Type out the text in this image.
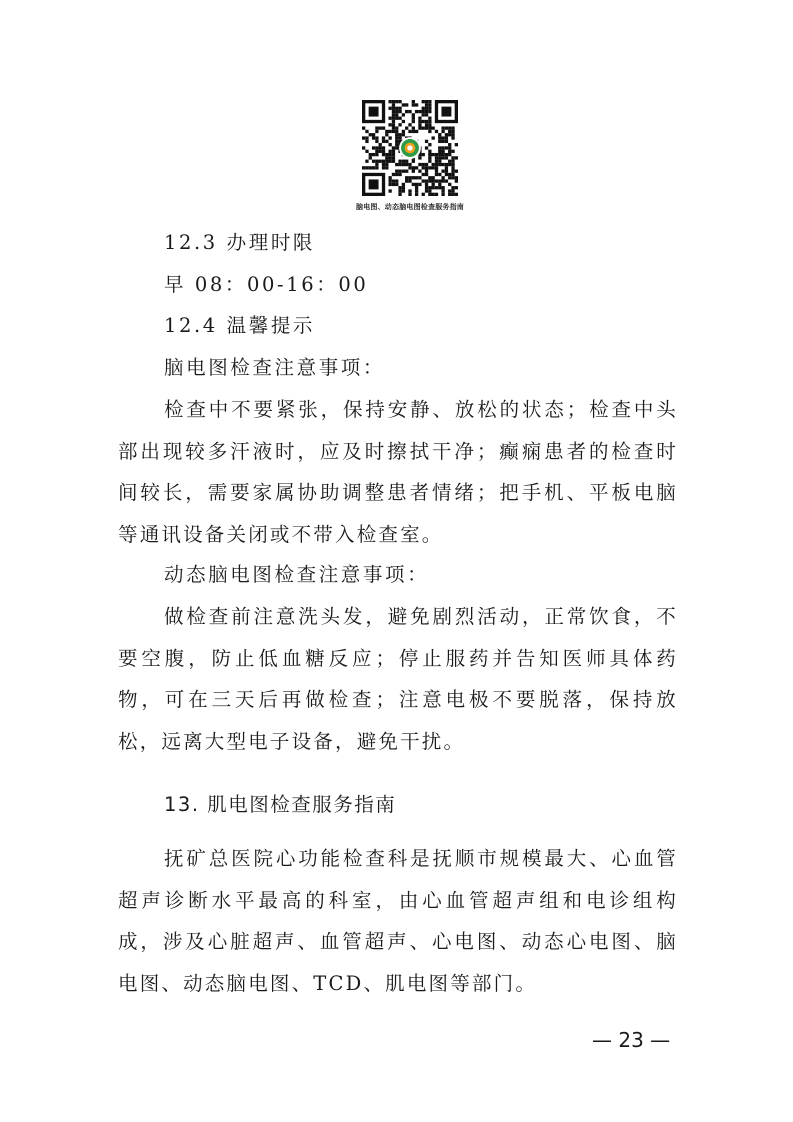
脑电图、动态脑电图检查服务指南
12.3 办理时限
早 08：00-16：00
12.4 温馨提示
脑电图检查注意事项：

检查中不要紧张，保持安静、放松的状态；检查中头部出现较多汗液时，应及时擦拭干净；癫痫患者的检查时间较长，需要家属协助调整患者情绪；把手机、平板电脑等通讯设备关闭或不带入检查室。

动态脑电图检查注意事项：

做检查前注意洗头发，避免剧烈活动，正常饮食，不要空腹，防止低血糖反应；停止服药并告知医师具体药物，可在三天后再做检查；注意电极不要脱落，保持放松，远离大型电子设备，避免干扰。

13. 肌电图检查服务指南

抚矿总医院心功能检查科是抚顺市规模最大、心血管超声诊断水平最高的科室，由心血管超声组和电诊组构成，涉及心脏超声、血管超声、心电图、动态心电图、脑电图、动态脑电图、TCD、肌电图等部门。

— 23 —
